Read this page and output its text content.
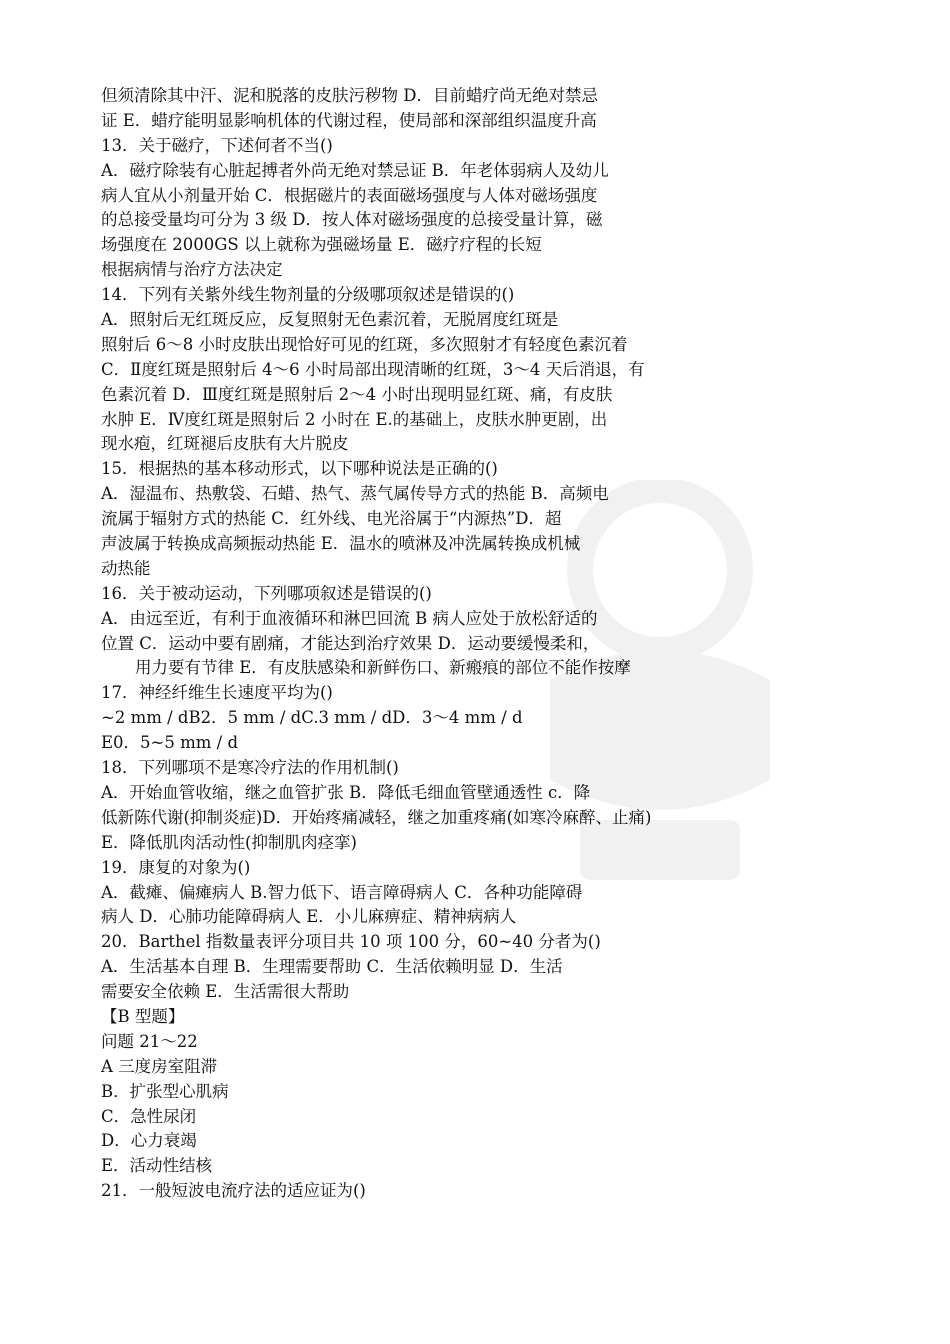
但须清除其中汗、泥和脱落的皮肤污秽物 D．目前蜡疗尚无绝对禁忌
证 E．蜡疗能明显影响机体的代谢过程，使局部和深部组织温度升高
13．关于磁疗，下述何者不当()
A．磁疗除装有心脏起搏者外尚无绝对禁忌证 B．年老体弱病人及幼儿
病人宜从小剂量开始 C．根据磁片的表面磁场强度与人体对磁场强度
的总接受量均可分为 3 级 D．按人体对磁场强度的总接受量计算，磁
场强度在 2000GS 以上就称为强磁场量 E．磁疗疗程的长短
根据病情与治疗方法决定
14．下列有关紫外线生物剂量的分级哪项叙述是错误的()
A．照射后无红斑反应，反复照射无色素沉着，无脱屑度红斑是
照射后 6～8 小时皮肤出现恰好可见的红斑，多次照射才有轻度色素沉着
C．Ⅱ度红斑是照射后 4～6 小时局部出现清晰的红斑，3～4 天后消退，有
色素沉着 D．Ⅲ度红斑是照射后 2～4 小时出现明显红斑、痛，有皮肤
水肿 E．Ⅳ度红斑是照射后 2 小时在 E.的基础上，皮肤水肿更剧，出
现水疱，红斑褪后皮肤有大片脱皮
15．根据热的基本移动形式，以下哪种说法是正确的()
A．湿温布、热敷袋、石蜡、热气、蒸气属传导方式的热能 B．高频电
流属于辐射方式的热能 C．红外线、电光浴属于“内源热”D．超
声波属于转换成高频振动热能 E．温水的喷淋及冲洗属转换成机械
动热能
16．关于被动运动，下列哪项叙述是错误的()
A．由远至近，有利于血液循环和淋巴回流 B 病人应处于放松舒适的
位置 C．运动中要有剧痛，才能达到治疗效果 D．运动要缓慢柔和，
用力要有节律 E．有皮肤感染和新鲜伤口、新瘢痕的部位不能作按摩
17．神经纤维生长速度平均为()
~2 mm / dB2．5 mm / dC.3 mm / dD．3～4 mm / d
E0．5~5 mm / d
18．下列哪项不是寒冷疗法的作用机制()
A．开始血管收缩，继之血管扩张 B．降低毛细血管壁通透性 c．降
低新陈代谢(抑制炎症)D．开始疼痛减轻，继之加重疼痛(如寒冷麻醉、止痛)
E．降低肌肉活动性(抑制肌肉痉挛)
19．康复的对象为()
A．截瘫、偏瘫病人 B.智力低下、语言障碍病人 C．各种功能障碍
病人 D．心肺功能障碍病人 E．小儿麻痹症、精神病病人
20．Barthel 指数量表评分项目共 10 项 100 分，60~40 分者为()
A．生活基本自理 B．生理需要帮助 C．生活依赖明显 D．生活
需要安全依赖 E．生活需很大帮助
【B 型题】
问题 21～22
A 三度房室阻滞
B．扩张型心肌病
C．急性尿闭
D．心力衰竭
E．活动性结核
21．一般短波电流疗法的适应证为()
